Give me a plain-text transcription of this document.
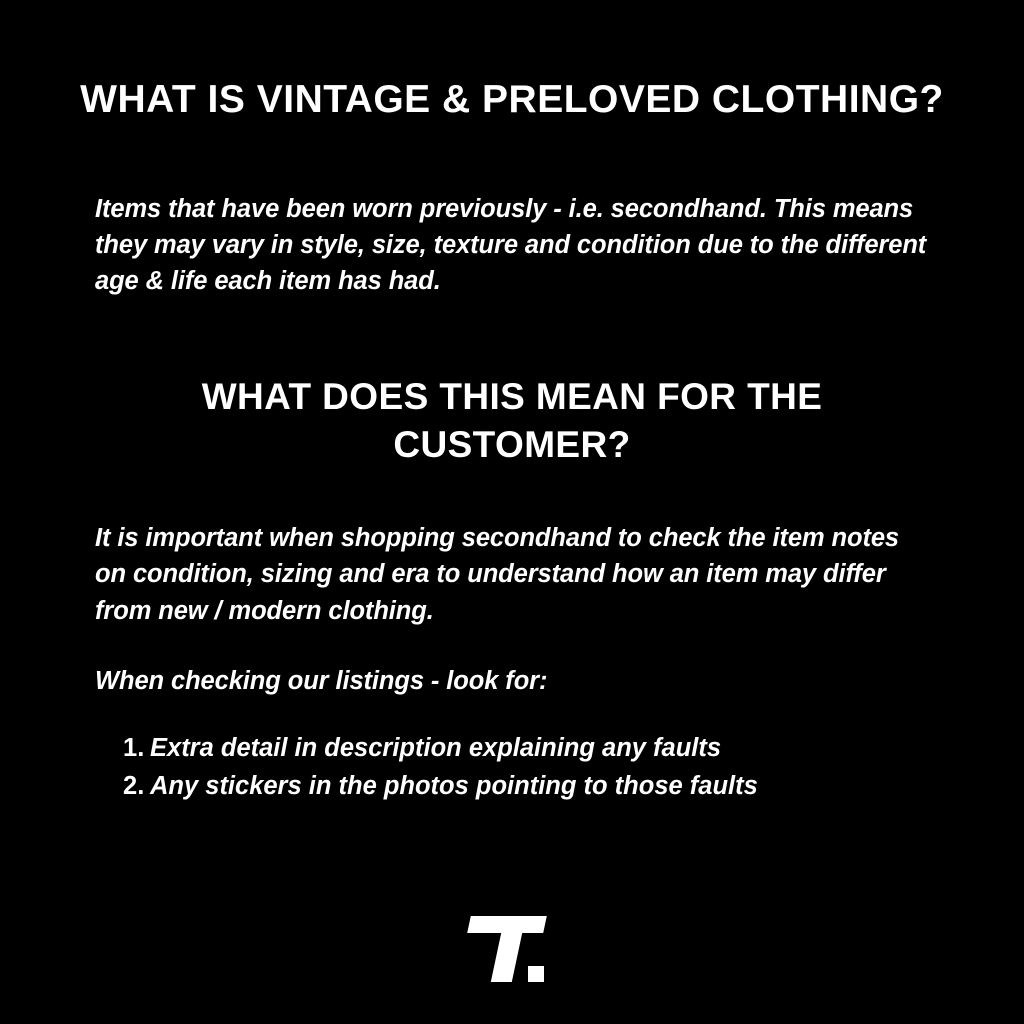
WHAT IS VINTAGE & PRELOVED CLOTHING?

Items that have been worn previously - i.e. secondhand. This means they may vary in style, size, texture and condition due to the different age & life each item has had.

WHAT DOES THIS MEAN FOR THE CUSTOMER?

It is important when shopping secondhand to check the item notes on condition, sizing and era to understand how an item may differ from new / modern clothing.

When checking our listings - look for:

Extra detail in description explaining any faults
Any stickers in the photos pointing to those faults
